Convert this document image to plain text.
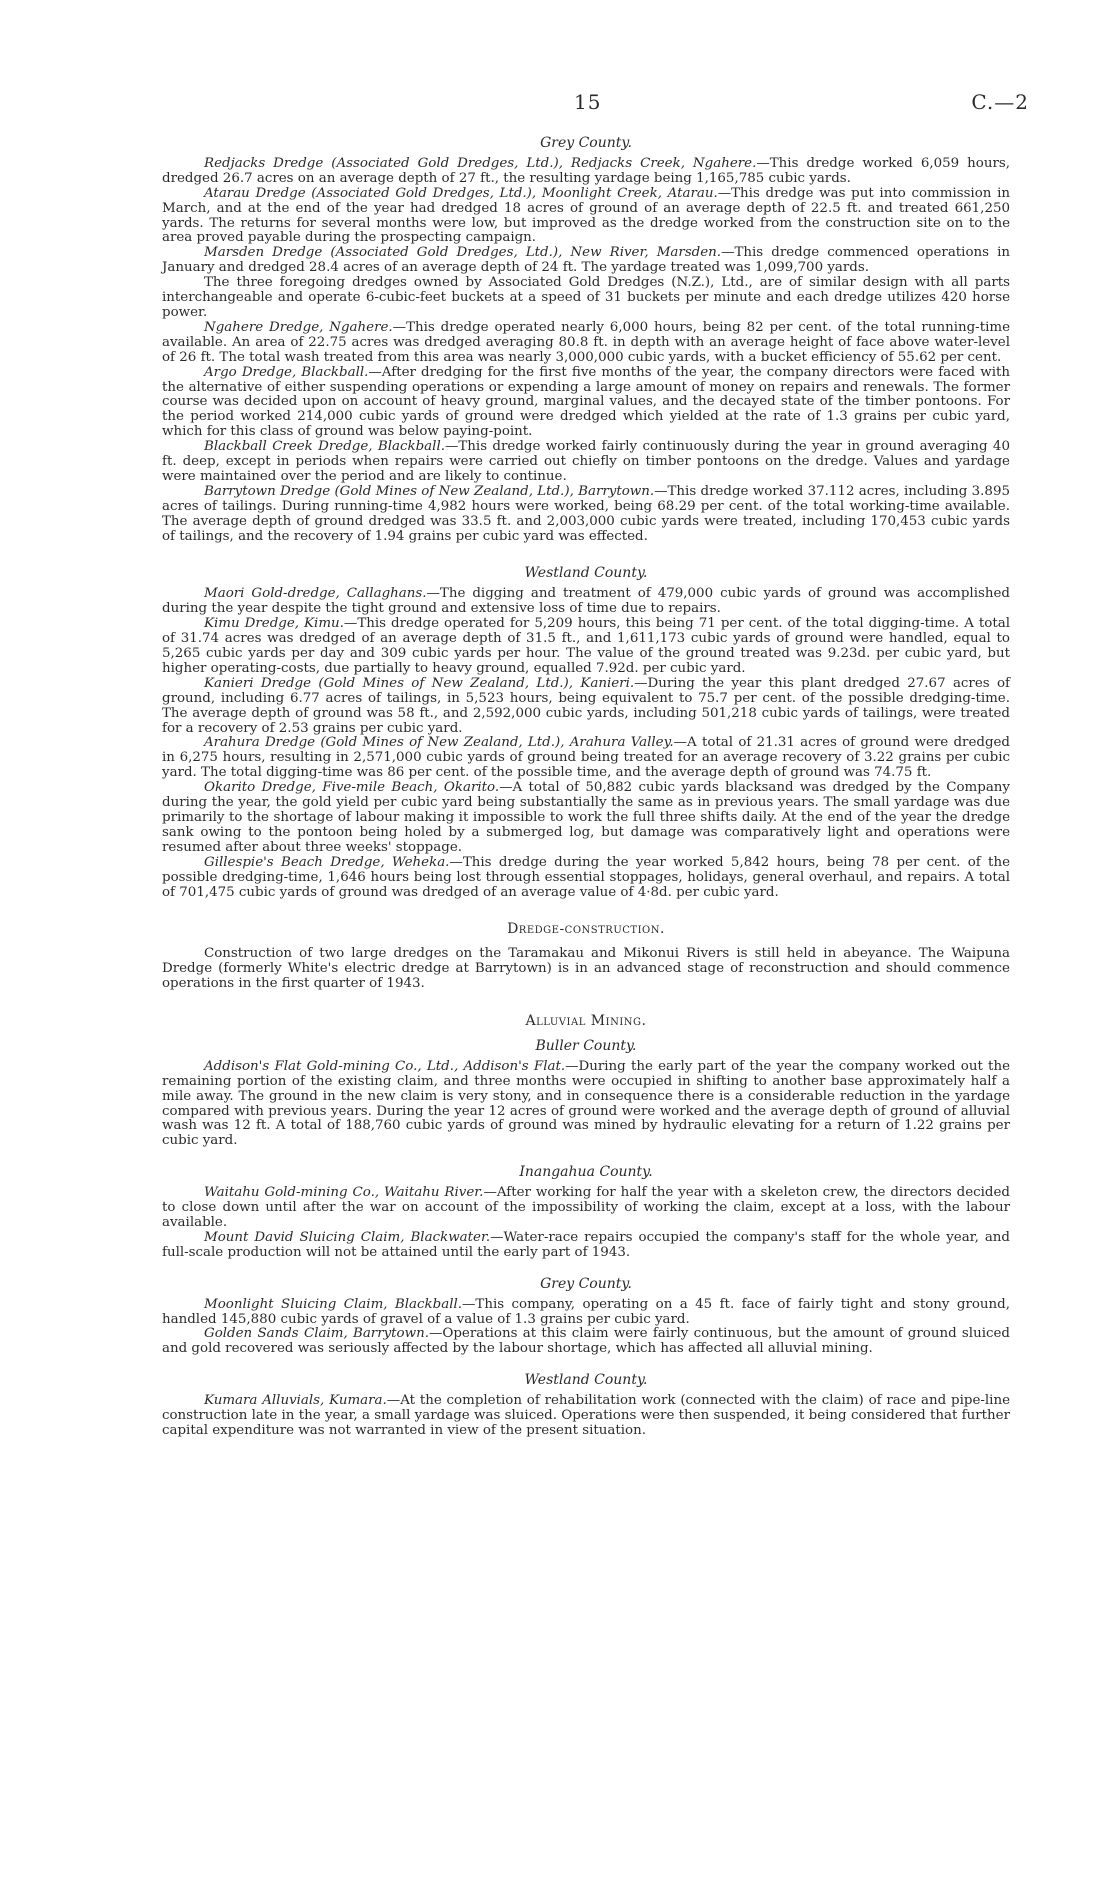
15	C.—2
Grey County.

Redjacks Dredge (Associated Gold Dredges, Ltd.), Redjacks Creek, Ngahere.—This dredge worked 6,059 hours, dredged 26.7 acres on an average depth of 27 ft., the resulting yardage being 1,165,785 cubic yards.

Atarau Dredge (Associated Gold Dredges, Ltd.), Moonlight Creek, Atarau.—This dredge was put into commission in March, and at the end of the year had dredged 18 acres of ground of an average depth of 22.5 ft. and treated 661,250 yards. The returns for several months were low, but improved as the dredge worked from the construction site on to the area proved payable during the prospecting campaign.

Marsden Dredge (Associated Gold Dredges, Ltd.), New River, Marsden.—This dredge commenced operations in January and dredged 28.4 acres of an average depth of 24 ft. The yardage treated was 1,099,700 yards.

The three foregoing dredges owned by Associated Gold Dredges (N.Z.), Ltd., are of similar design with all parts interchangeable and operate 6-cubic-feet buckets at a speed of 31 buckets per minute and each dredge utilizes 420 horse power.

Ngahere Dredge, Ngahere.—This dredge operated nearly 6,000 hours, being 82 per cent. of the total running-time available. An area of 22.75 acres was dredged averaging 80.8 ft. in depth with an average height of face above water-level of 26 ft. The total wash treated from this area was nearly 3,000,000 cubic yards, with a bucket efficiency of 55.62 per cent.

Argo Dredge, Blackball.—After dredging for the first five months of the year, the company directors were faced with the alternative of either suspending operations or expending a large amount of money on repairs and renewals. The former course was decided upon on account of heavy ground, marginal values, and the decayed state of the timber pontoons. For the period worked 214,000 cubic yards of ground were dredged which yielded at the rate of 1.3 grains per cubic yard, which for this class of ground was below paying-point.

Blackball Creek Dredge, Blackball.—This dredge worked fairly continuously during the year in ground averaging 40 ft. deep, except in periods when repairs were carried out chiefly on timber pontoons on the dredge. Values and yardage were maintained over the period and are likely to continue.

Barrytown Dredge (Gold Mines of New Zealand, Ltd.), Barrytown.—This dredge worked 37.112 acres, including 3.895 acres of tailings. During running-time 4,982 hours were worked, being 68.29 per cent. of the total working-time available. The average depth of ground dredged was 33.5 ft. and 2,003,000 cubic yards were treated, including 170,453 cubic yards of tailings, and the recovery of 1.94 grains per cubic yard was effected.

Westland County.

Maori Gold-dredge, Callaghans.—The digging and treatment of 479,000 cubic yards of ground was accomplished during the year despite the tight ground and extensive loss of time due to repairs.

Kimu Dredge, Kimu.—This dredge operated for 5,209 hours, this being 71 per cent. of the total digging-time. A total of 31.74 acres was dredged of an average depth of 31.5 ft., and 1,611,173 cubic yards of ground were handled, equal to 5,265 cubic yards per day and 309 cubic yards per hour. The value of the ground treated was 9.23d. per cubic yard, but higher operating-costs, due partially to heavy ground, equalled 7.92d. per cubic yard.

Kanieri Dredge (Gold Mines of New Zealand, Ltd.), Kanieri.—During the year this plant dredged 27.67 acres of ground, including 6.77 acres of tailings, in 5,523 hours, being equivalent to 75.7 per cent. of the possible dredging-time. The average depth of ground was 58 ft., and 2,592,000 cubic yards, including 501,218 cubic yards of tailings, were treated for a recovery of 2.53 grains per cubic yard.

Arahura Dredge (Gold Mines of New Zealand, Ltd.), Arahura Valley.—A total of 21.31 acres of ground were dredged in 6,275 hours, resulting in 2,571,000 cubic yards of ground being treated for an average recovery of 3.22 grains per cubic yard. The total digging-time was 86 per cent. of the possible time, and the average depth of ground was 74.75 ft.

Okarito Dredge, Five-mile Beach, Okarito.—A total of 50,882 cubic yards blacksand was dredged by the Company during the year, the gold yield per cubic yard being substantially the same as in previous years. The small yardage was due primarily to the shortage of labour making it impossible to work the full three shifts daily. At the end of the year the dredge sank owing to the pontoon being holed by a submerged log, but damage was comparatively light and operations were resumed after about three weeks' stoppage.

Gillespie's Beach Dredge, Weheka.—This dredge during the year worked 5,842 hours, being 78 per cent. of the possible dredging-time, 1,646 hours being lost through essential stoppages, holidays, general overhaul, and repairs. A total of 701,475 cubic yards of ground was dredged of an average value of 4·8d. per cubic yard.

Dredge-construction.

Construction of two large dredges on the Taramakau and Mikonui Rivers is still held in abeyance. The Waipuna Dredge (formerly White's electric dredge at Barrytown) is in an advanced stage of reconstruction and should commence operations in the first quarter of 1943.

Alluvial Mining.
Buller County.

Addison's Flat Gold-mining Co., Ltd., Addison's Flat.—During the early part of the year the company worked out the remaining portion of the existing claim, and three months were occupied in shifting to another base approximately half a mile away. The ground in the new claim is very stony, and in consequence there is a considerable reduction in the yardage compared with previous years. During the year 12 acres of ground were worked and the average depth of ground of alluvial wash was 12 ft. A total of 188,760 cubic yards of ground was mined by hydraulic elevating for a return of 1.22 grains per cubic yard.

Inangahua County.

Waitahu Gold-mining Co., Waitahu River.—After working for half the year with a skeleton crew, the directors decided to close down until after the war on account of the impossibility of working the claim, except at a loss, with the labour available.

Mount David Sluicing Claim, Blackwater.—Water-race repairs occupied the company's staff for the whole year, and full-scale production will not be attained until the early part of 1943.

Grey County.

Moonlight Sluicing Claim, Blackball.—This company, operating on a 45 ft. face of fairly tight and stony ground, handled 145,880 cubic yards of gravel of a value of 1.3 grains per cubic yard.

Golden Sands Claim, Barrytown.—Operations at this claim were fairly continuous, but the amount of ground sluiced and gold recovered was seriously affected by the labour shortage, which has affected all alluvial mining.

Westland County.

Kumara Alluvials, Kumara.—At the completion of rehabilitation work (connected with the claim) of race and pipe-line construction late in the year, a small yardage was sluiced. Operations were then suspended, it being considered that further capital expenditure was not warranted in view of the present situation.
